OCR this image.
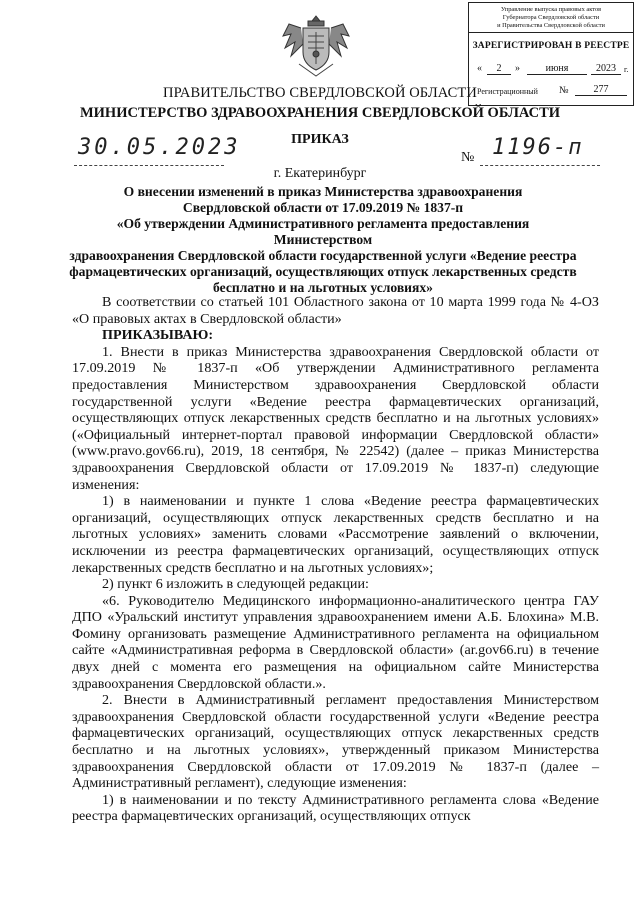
Управление выпуска правовых актов
Губернатора Свердловской области
и Правительства Свердловской области
ЗАРЕГИСТРИРОВАН В РЕЕСТРЕ
«	2	»	июня	2023	г.
Регистрационный №	277
ПРАВИТЕЛЬСТВО СВЕРДЛОВСКОЙ ОБЛАСТИ
МИНИСТЕРСТВО ЗДРАВООХРАНЕНИЯ СВЕРДЛОВСКОЙ ОБЛАСТИ
ПРИКАЗ
30.05.2023	№ 1196-п
г. Екатеринбург
О внесении изменений в приказ Министерства здравоохранения
Свердловской области от 17.09.2019 № 1837-п
«Об утверждении Административного регламента предоставления Министерством
здравоохранения Свердловской области государственной услуги «Ведение реестра
фармацевтических организаций, осуществляющих отпуск лекарственных средств
бесплатно и на льготных условиях»

В соответствии со статьей 101 Областного закона от 10 марта 1999 года № 4-ОЗ «О правовых актах в Свердловской области»

ПРИКАЗЫВАЮ:

1. Внести в приказ Министерства здравоохранения Свердловской области от 17.09.2019 № 1837-п «Об утверждении Административного регламента предоставления Министерством здравоохранения Свердловской области государственной услуги «Ведение реестра фармацевтических организаций, осуществляющих отпуск лекарственных средств бесплатно и на льготных условиях» («Официальный интернет-портал правовой информации Свердловской области» (www.pravo.gov66.ru), 2019, 18 сентября, № 22542) (далее – приказ Министерства здравоохранения Свердловской области от 17.09.2019 № 1837-п) следующие изменения:

1) в наименовании и пункте 1 слова «Ведение реестра фармацевтических организаций, осуществляющих отпуск лекарственных средств бесплатно и на льготных условиях» заменить словами «Рассмотрение заявлений о включении, исключении из реестра фармацевтических организаций, осуществляющих отпуск лекарственных средств бесплатно и на льготных условиях»;

2) пункт 6 изложить в следующей редакции:

«6. Руководителю Медицинского информационно-аналитического центра ГАУ ДПО «Уральский институт управления здравоохранением имени А.Б. Блохина» М.В. Фомину организовать размещение Административного регламента на официальном сайте «Административная реформа в Свердловской области» (ar.gov66.ru) в течение двух дней с момента его размещения на официальном сайте Министерства здравоохранения Свердловской области.».

2. Внести в Административный регламент предоставления Министерством здравоохранения Свердловской области государственной услуги «Ведение реестра фармацевтических организаций, осуществляющих отпуск лекарственных средств бесплатно и на льготных условиях», утвержденный приказом Министерства здравоохранения Свердловской области от 17.09.2019 № 1837-п (далее – Административный регламент), следующие изменения:

1) в наименовании и по тексту Административного регламента слова «Ведение реестра фармацевтических организаций, осуществляющих отпуск
